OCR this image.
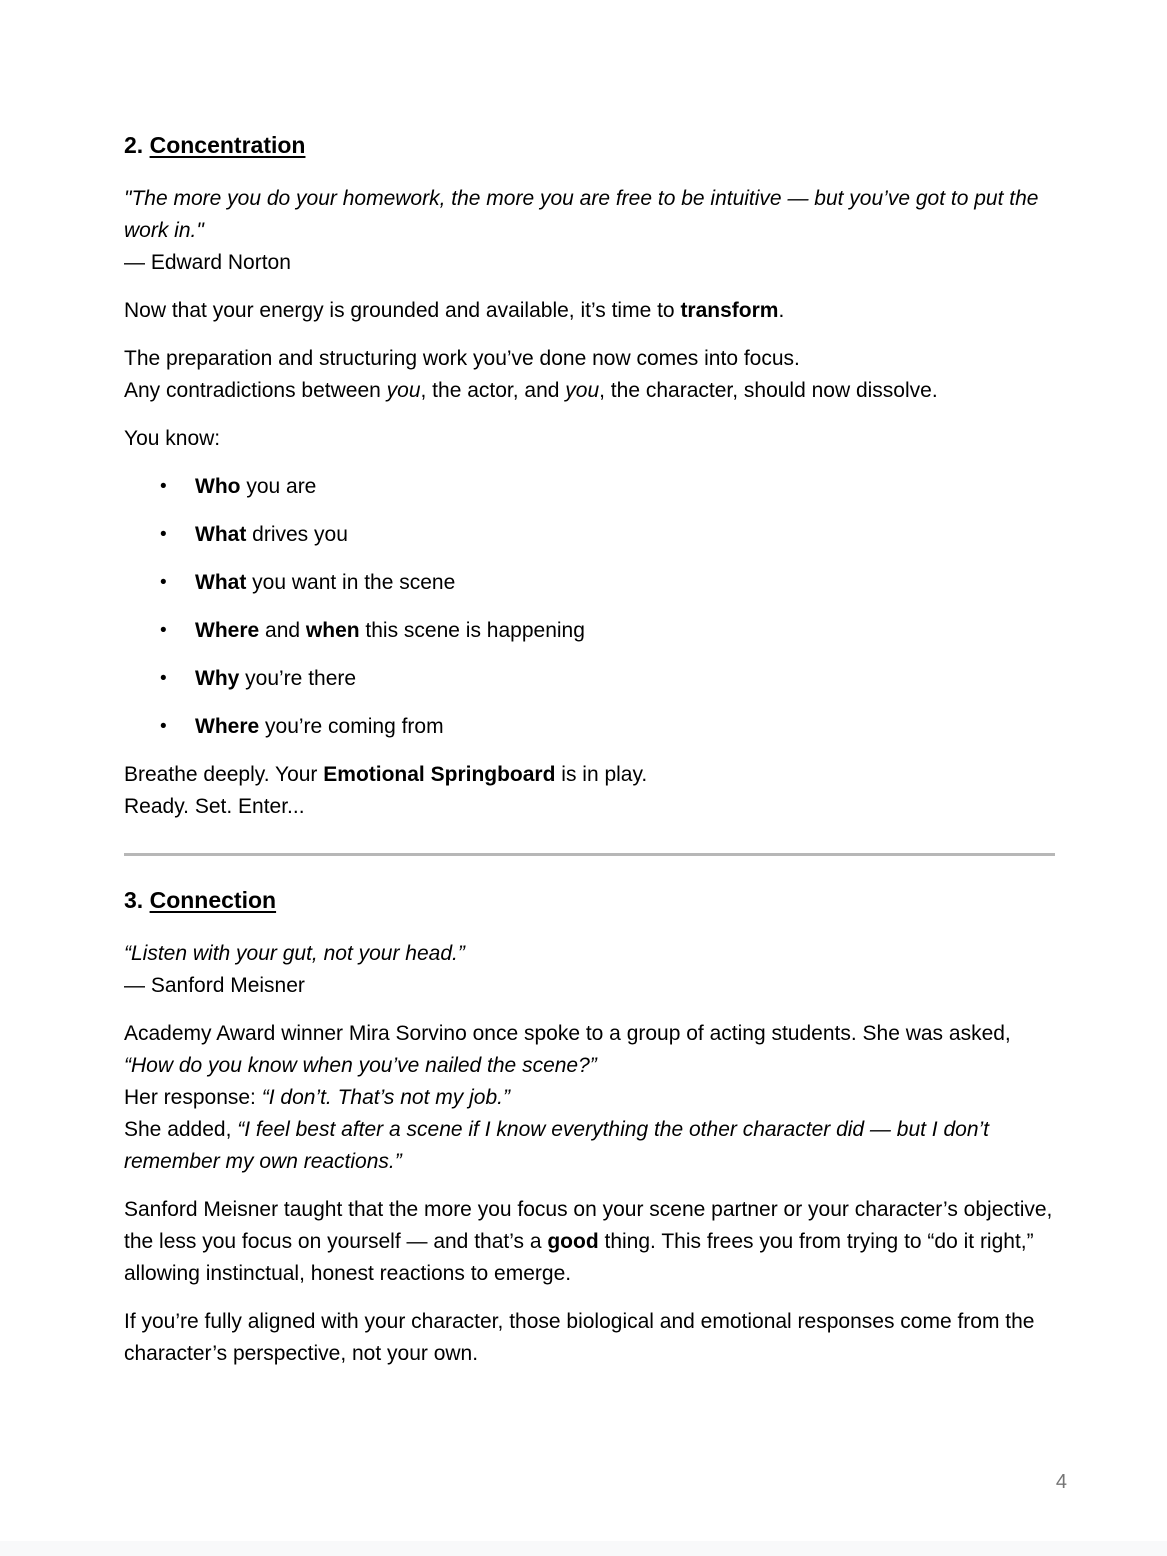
2. Concentration

"The more you do your homework, the more you are free to be intuitive — but you’ve got to put the work in."
— Edward Norton

Now that your energy is grounded and available, it’s time to transform.

The preparation and structuring work you’ve done now comes into focus.
Any contradictions between you, the actor, and you, the character, should now dissolve.

You know:

• Who you are
• What drives you
• What you want in the scene
• Where and when this scene is happening
• Why you’re there
• Where you’re coming from

Breathe deeply. Your Emotional Springboard is in play.
Ready. Set. Enter...

3. Connection

“Listen with your gut, not your head.”
— Sanford Meisner

Academy Award winner Mira Sorvino once spoke to a group of acting students. She was asked, “How do you know when you’ve nailed the scene?”
Her response: “I don’t. That’s not my job.”
She added, “I feel best after a scene if I know everything the other character did — but I don’t remember my own reactions.”

Sanford Meisner taught that the more you focus on your scene partner or your character’s objective, the less you focus on yourself — and that’s a good thing. This frees you from trying to “do it right,” allowing instinctual, honest reactions to emerge.

If you’re fully aligned with your character, those biological and emotional responses come from the character’s perspective, not your own.

4
